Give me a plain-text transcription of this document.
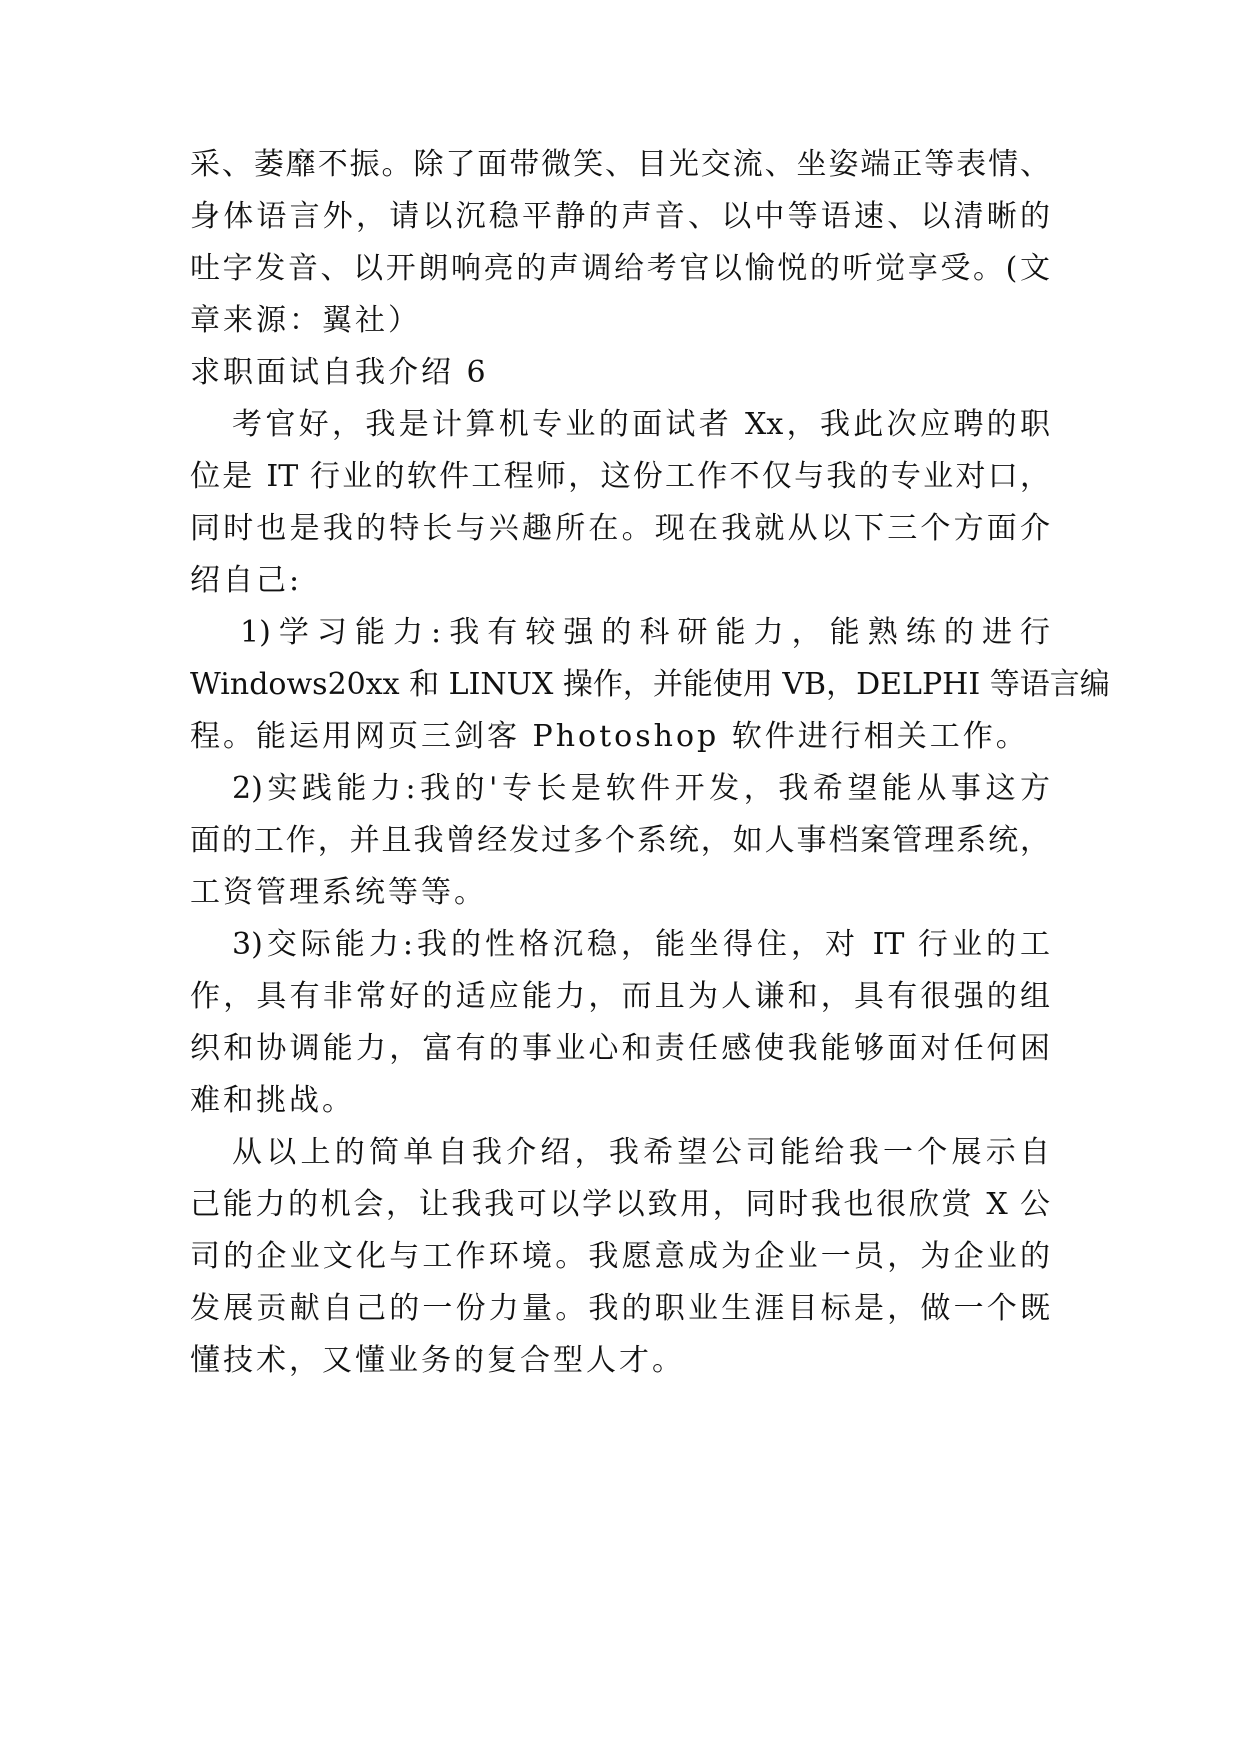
采、萎靡不振。除了面带微笑、目光交流、坐姿端正等表情、
身体语言外，请以沉稳平静的声音、以中等语速、以清晰的
吐字发音、以开朗响亮的声调给考官以愉悦的听觉享受。(文
章来源：翼社）
求职面试自我介绍 6
考官好，我是计算机专业的面试者 Xx，我此次应聘的职
位是 IT 行业的软件工程师，这份工作不仅与我的专业对口，
同时也是我的特长与兴趣所在。现在我就从以下三个方面介
绍自己:
1)学习能力:我有较强的科研能力，能熟练的进行
Windows20xx 和 LINUX 操作，并能使用 VB，DELPHI 等语言编
程。能运用网页三剑客 Photoshop 软件进行相关工作。
2)实践能力:我的'专长是软件开发，我希望能从事这方
面的工作，并且我曾经发过多个系统，如人事档案管理系统，
工资管理系统等等。
3)交际能力:我的性格沉稳，能坐得住，对 IT 行业的工
作，具有非常好的适应能力，而且为人谦和，具有很强的组
织和协调能力，富有的事业心和责任感使我能够面对任何困
难和挑战。
从以上的简单自我介绍，我希望公司能给我一个展示自
己能力的机会，让我我可以学以致用，同时我也很欣赏 X 公
司的企业文化与工作环境。我愿意成为企业一员，为企业的
发展贡献自己的一份力量。我的职业生涯目标是，做一个既
懂技术，又懂业务的复合型人才。
